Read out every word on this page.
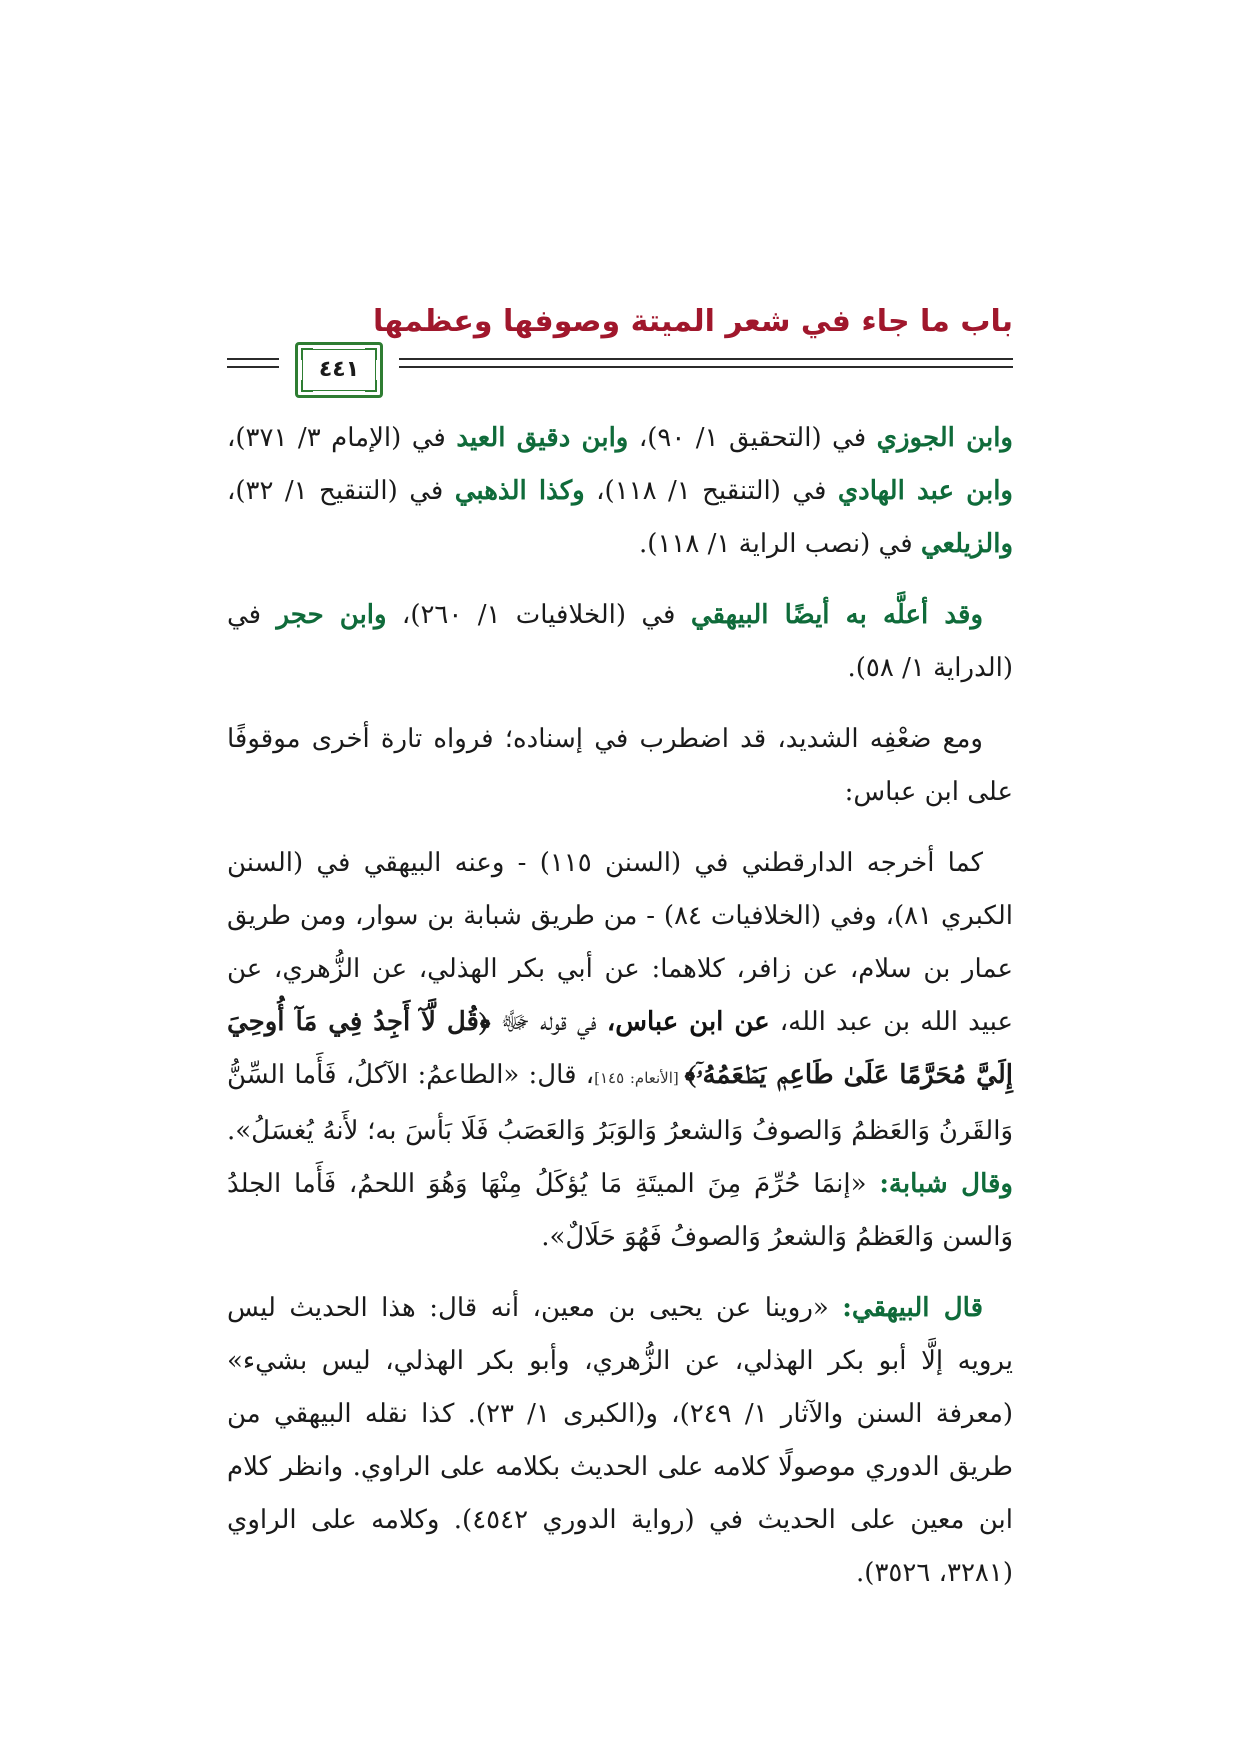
باب ما جاء في شعر الميتة وصوفها وعظمها
٤٤١

وابن الجوزي في (التحقيق ١/ ٩٠)، وابن دقيق العيد في (الإمام ٣/ ٣٧١)، وابن عبد الهادي في (التنقيح ١/ ١١٨)، وكذا الذهبي في (التنقيح ١/ ٣٢)، والزيلعي في (نصب الراية ١/ ١١٨).

وقد أعلَّه به أيضًا البيهقي في (الخلافيات ١/ ٢٦٠)، وابن حجر في (الدراية ١/ ٥٨).

ومع ضعْفِه الشديد، قد اضطرب في إسناده؛ فرواه تارة أخرى موقوفًا على ابن عباس:

كما أخرجه الدارقطني في (السنن ١١٥) - وعنه البيهقي في (السنن الكبري ٨١)، وفي (الخلافيات ٨٤) - من طريق شبابة بن سوار، ومن طريق عمار بن سلام، عن زافر، كلاهما: عن أبي بكر الهذلي، عن الزُّهري، عن عبيد الله بن عبد الله، عن ابن عباس، في قوله ﷻ ﴿قُل لَّآ أَجِدُ فِي مَآ أُوحِيَ إِلَيَّ مُحَرَّمًا عَلَىٰ طَاعِمٖ يَطۡعَمُهُۥٓ﴾ [الأنعام: ١٤٥]، قال: «الطاعمُ: الآكلُ، فَأَما السِّنُّ وَالقَرنُ وَالعَظمُ وَالصوفُ وَالشعرُ وَالوَبَرُ وَالعَصَبُ فَلَا بَأسَ به؛ لأَنهُ يُغسَلُ». وقال شبابة: «إنمَا حُرِّمَ مِنَ الميتَةِ مَا يُؤكَلُ مِنْهَا وَهُوَ اللحمُ، فَأَما الجلدُ وَالسن وَالعَظمُ وَالشعرُ وَالصوفُ فَهُوَ حَلَالٌ».

قال البيهقي: «روينا عن يحيى بن معين، أنه قال: هذا الحديث ليس يرويه إلَّا أبو بكر الهذلي، عن الزُّهري، وأبو بكر الهذلي، ليس بشيء» (معرفة السنن والآثار ١/ ٢٤٩)، و(الكبرى ١/ ٢٣). كذا نقله البيهقي من طريق الدوري موصولًا كلامه على الحديث بكلامه على الراوي. وانظر كلام ابن معين على الحديث في (رواية الدوري ٤٥٤٢). وكلامه على الراوي (٣٢٨١، ٣٥٢٦).
